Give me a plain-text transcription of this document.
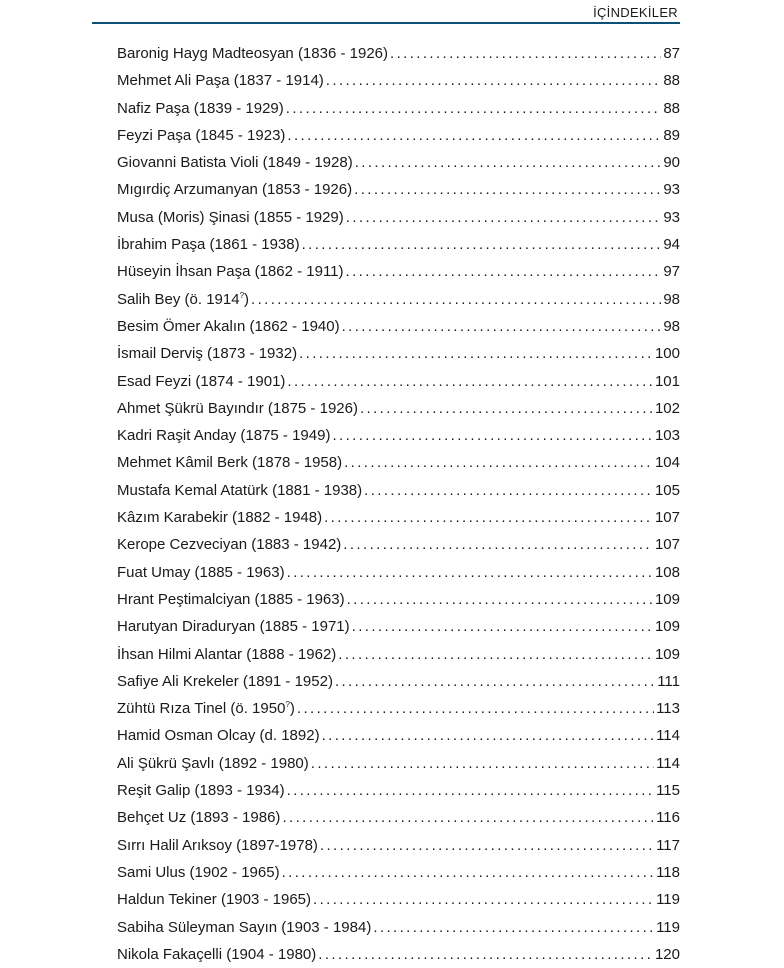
İÇİNDEKİLER
Baronig Hayg Madteosyan (1836 - 1926) .....	87
Mehmet Ali Paşa (1837 - 1914) .....	88
Nafiz Paşa (1839 - 1929) .....	88
Feyzi Paşa (1845 - 1923) .....	89
Giovanni Batista Violi (1849 - 1928) .....	90
Mıgırdiç Arzumanyan (1853 - 1926) .....	93
Musa (Moris) Şinasi (1855 - 1929) .....	93
İbrahim Paşa (1861 - 1938) .....	94
Hüseyin İhsan Paşa (1862 - 1911) .....	97
Salih Bey (ö. 1914?) .....	98
Besim Ömer Akalın (1862 - 1940) .....	98
İsmail Derviş (1873 - 1932) .....	100
Esad Feyzi (1874 - 1901) .....	101
Ahmet Şükrü Bayındır (1875 - 1926) .....	102
Kadri Raşit Anday (1875 - 1949) .....	103
Mehmet Kâmil Berk (1878 - 1958) .....	104
Mustafa Kemal Atatürk (1881 - 1938) .....	105
Kâzım Karabekir (1882 - 1948) .....	107
Kerope Cezveciyan (1883 - 1942) .....	107
Fuat Umay (1885 - 1963) .....	108
Hrant Peştimalciyan (1885 - 1963) .....	109
Harutyan Diraduryan (1885 - 1971) .....	109
İhsan Hilmi Alantar (1888 - 1962) .....	109
Safiye Ali Krekeler (1891 - 1952) .....	111
Zühtü Rıza Tinel (ö. 1950?) .....	113
Hamid Osman Olcay (d. 1892) .....	114
Ali Şükrü Şavlı (1892 - 1980) .....	114
Reşit Galip (1893 - 1934) .....	115
Behçet Uz (1893 - 1986) .....	116
Sırrı Halil Arıksoy (1897-1978) .....	117
Sami Ulus (1902 - 1965) .....	118
Haldun Tekiner (1903 - 1965) .....	119
Sabiha Süleyman Sayın (1903 - 1984) .....	119
Nikola Fakaçelli (1904 - 1980) .....	120
